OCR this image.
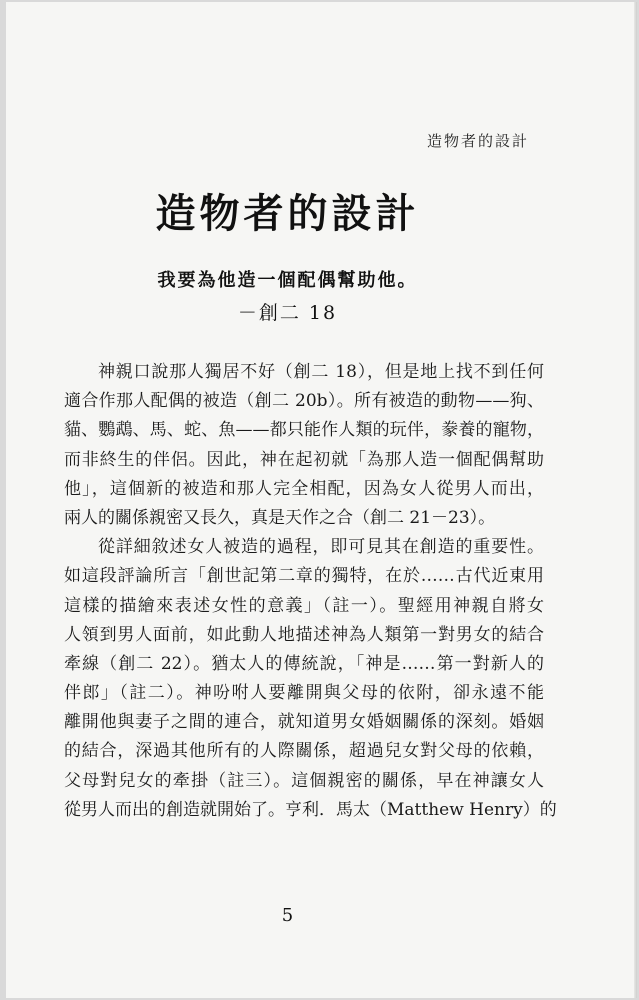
造物者的設計
造物者的設計
我要為他造一個配偶幫助他。
－創二 18
神親口說那人獨居不好（創二 18），但是地上找不到任何
適合作那人配偶的被造（創二 20b）。所有被造的動物——狗、
貓、鸚鵡、馬、蛇、魚——都只能作人類的玩伴，豢養的寵物，
而非終生的伴侶。因此，神在起初就「為那人造一個配偶幫助
他」，這個新的被造和那人完全相配，因為女人從男人而出，
兩人的關係親密又長久，真是天作之合（創二 21－23）。
從詳細敘述女人被造的過程，即可見其在創造的重要性。
如這段評論所言「創世記第二章的獨特，在於……古代近東用
這樣的描繪來表述女性的意義」（註一）。聖經用神親自將女
人領到男人面前，如此動人地描述神為人類第一對男女的結合
牽線（創二 22）。猶太人的傳統說，「神是……第一對新人的
伴郎」（註二）。神吩咐人要離開與父母的依附，卻永遠不能
離開他與妻子之間的連合，就知道男女婚姻關係的深刻。婚姻
的結合，深過其他所有的人際關係，超過兒女對父母的依賴，
父母對兒女的牽掛（註三）。這個親密的關係，早在神讓女人
從男人而出的創造就開始了。亨利．馬太（Matthew Henry）的
5
